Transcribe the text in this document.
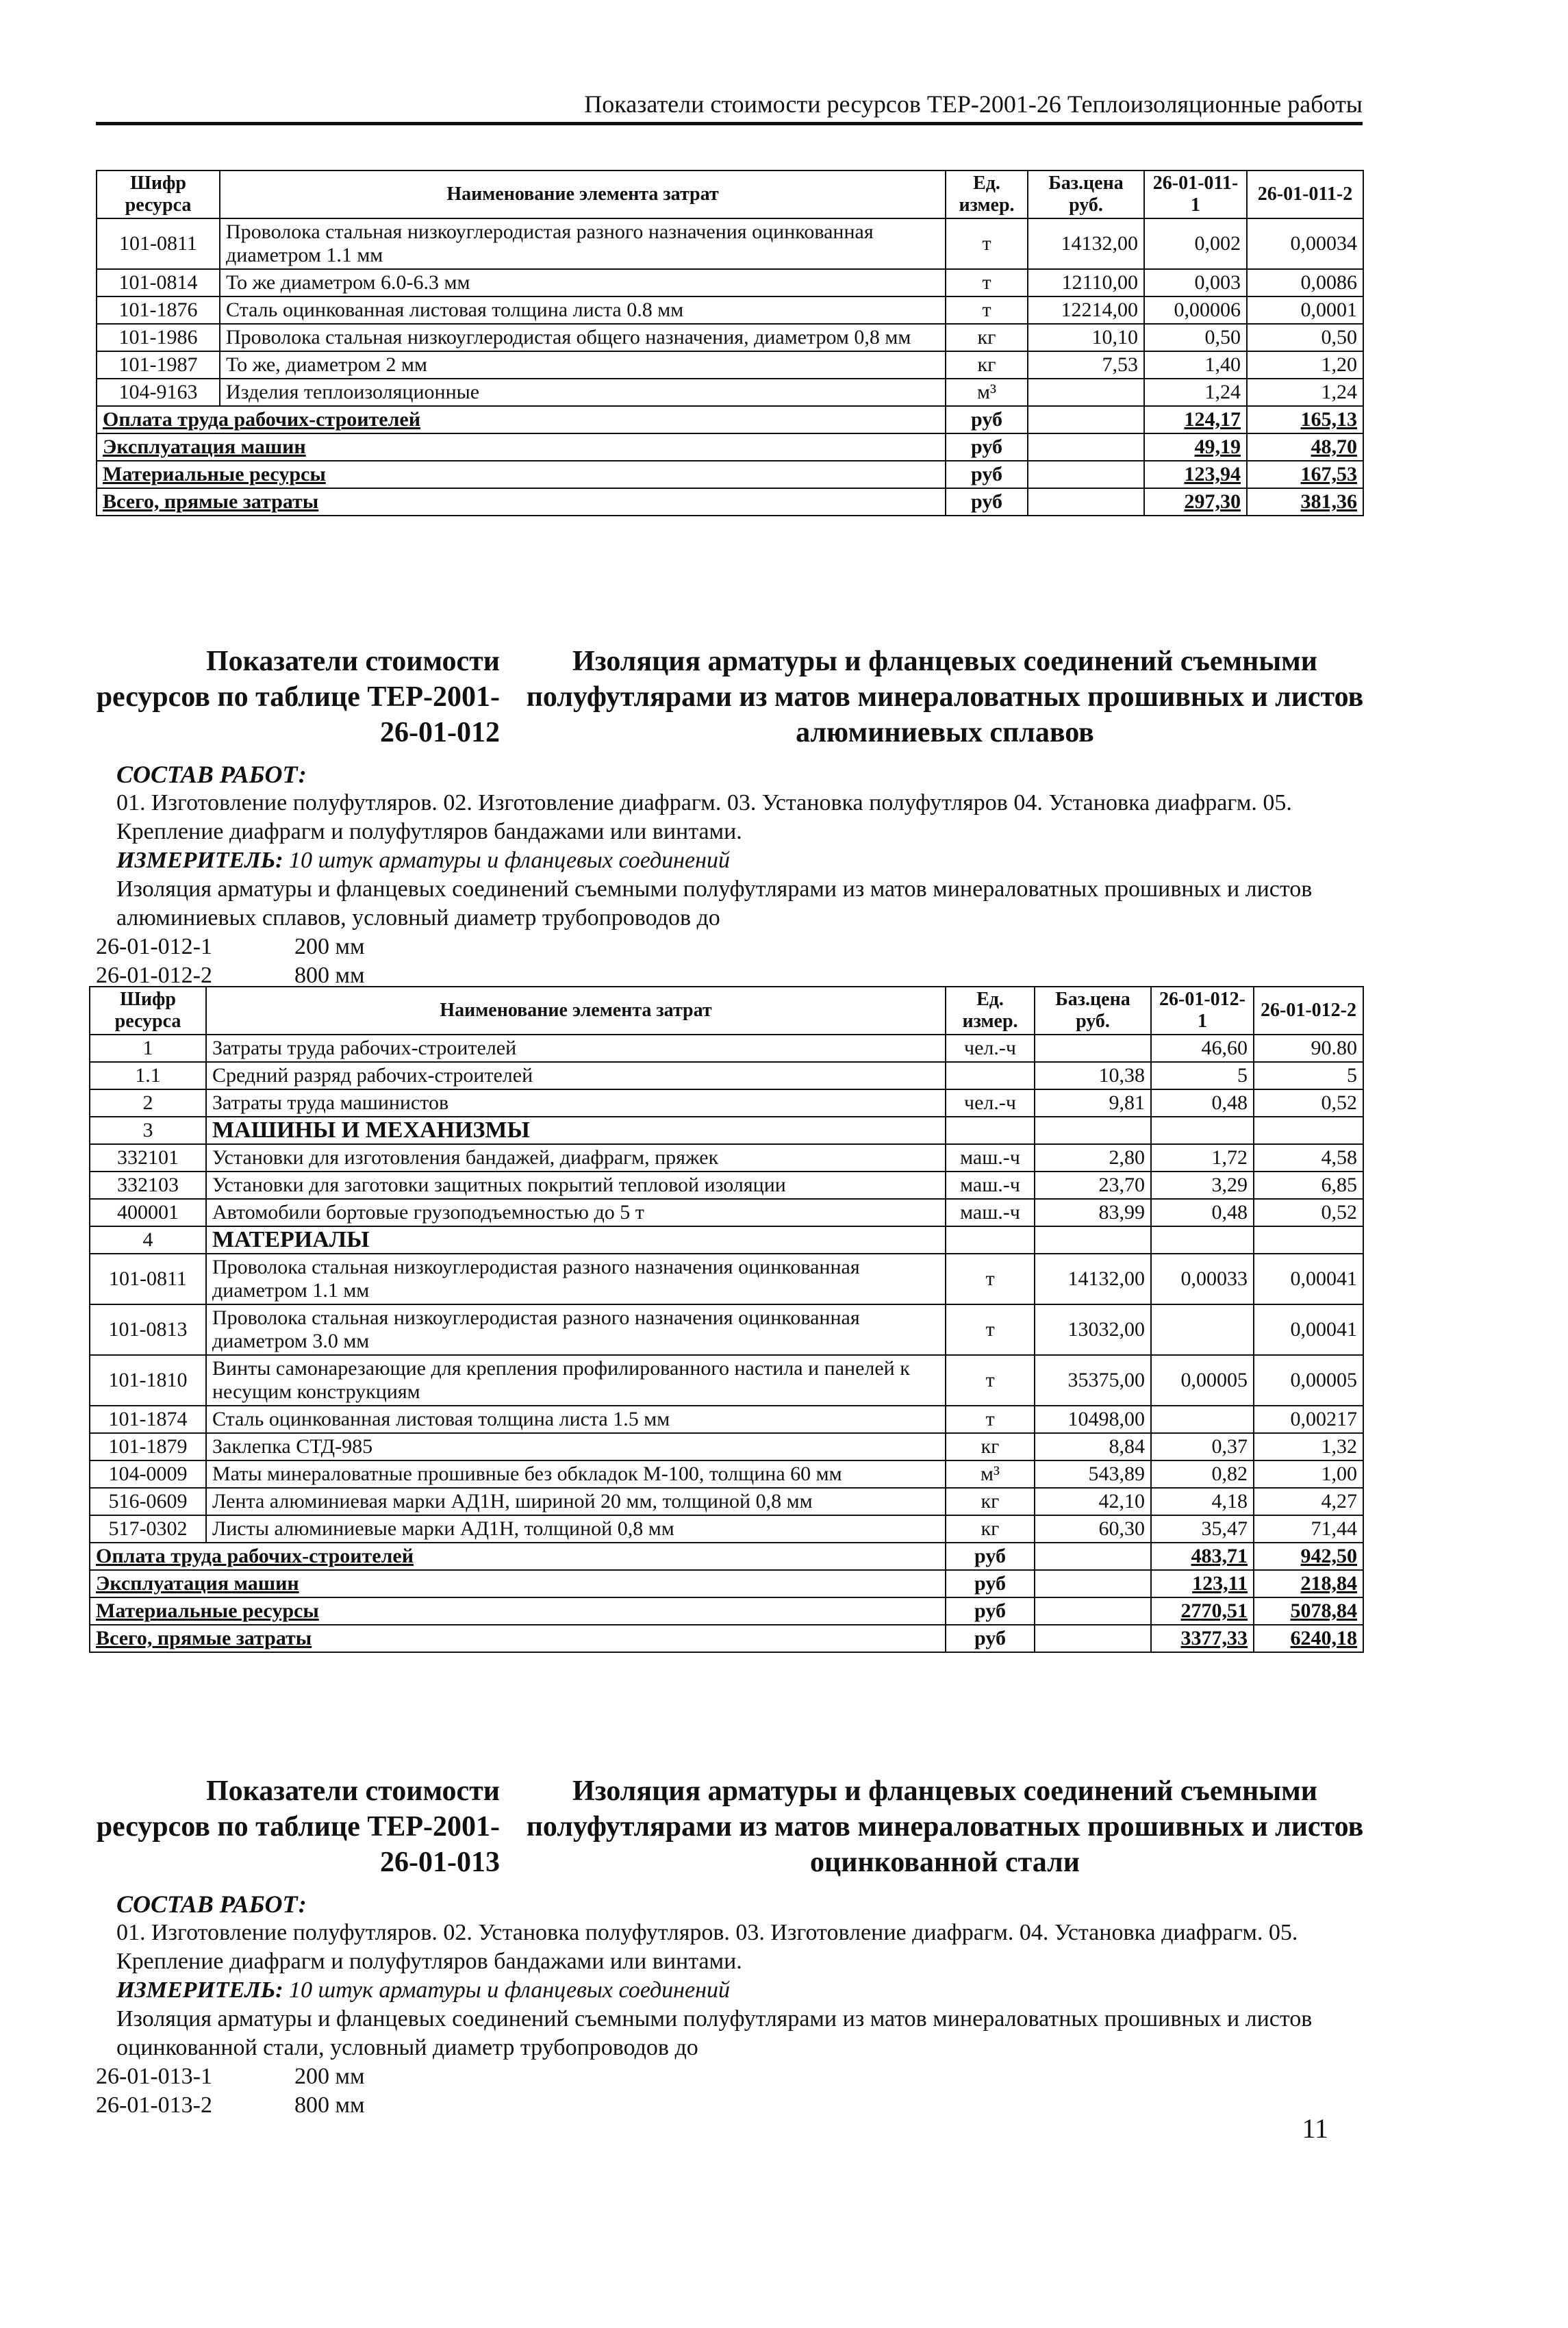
Показатели стоимости ресурсов ТЕР-2001-26 Теплоизоляционные работы
Шифр ресурса	Наименование элемента затрат	Ед. измер.	Баз.цена руб.	26-01-011-1	26-01-011-2
101-0811	Проволока стальная низкоуглеродистая разного назначения оцинкованная диаметром 1.1 мм	т	14132,00	0,002	0,00034
101-0814	То же диаметром 6.0-6.3 мм	т	12110,00	0,003	0,0086
101-1876	Сталь оцинкованная листовая толщина листа 0.8 мм	т	12214,00	0,00006	0,0001
101-1986	Проволока стальная низкоуглеродистая общего назначения, диаметром 0,8 мм	кг	10,10	0,50	0,50
101-1987	То же, диаметром 2 мм	кг	7,53	1,40	1,20
104-9163	Изделия теплоизоляционные	м³		1,24	1,24
Оплата труда рабочих-строителей		руб		124,17	165,13
Эксплуатация машин		руб		49,19	48,70
Материальные ресурсы		руб		123,94	167,53
Всего, прямые затраты		руб		297,30	381,36
Показатели стоимости ресурсов по таблице ТЕР-2001-26-01-012
Изоляция арматуры и фланцевых соединений съемными полуфутлярами из матов минераловатных прошивных и листов алюминиевых сплавов
СОСТАВ РАБОТ:
01. Изготовление полуфутляров. 02. Изготовление диафрагм. 03. Установка полуфутляров 04. Установка диафрагм. 05. Крепление диафрагм и полуфутляров бандажами или винтами.
ИЗМЕРИТЕЛЬ: 10 штук арматуры и фланцевых соединений
Изоляция арматуры и фланцевых соединений съемными полуфутлярами из матов минераловатных прошивных и листов алюминиевых сплавов, условный диаметр трубопроводов до
26-01-012-1	200 мм
26-01-012-2	800 мм
Шифр ресурса	Наименование элемента затрат	Ед. измер.	Баз.цена руб.	26-01-012-1	26-01-012-2
1	Затраты труда рабочих-строителей	чел.-ч		46,60	90.80
1.1	Средний разряд рабочих-строителей		10,38	5	5
2	Затраты труда машинистов	чел.-ч	9,81	0,48	0,52
3	МАШИНЫ И МЕХАНИЗМЫ				
332101	Установки для изготовления бандажей, диафрагм, пряжек	маш.-ч	2,80	1,72	4,58
332103	Установки для заготовки защитных покрытий тепловой изоляции	маш.-ч	23,70	3,29	6,85
400001	Автомобили бортовые грузоподъемностью до 5 т	маш.-ч	83,99	0,48	0,52
4	МАТЕРИАЛЫ				
101-0811	Проволока стальная низкоуглеродистая разного назначения оцинкованная диаметром 1.1 мм	т	14132,00	0,00033	0,00041
101-0813	Проволока стальная низкоуглеродистая разного назначения оцинкованная диаметром 3.0 мм	т	13032,00		0,00041
101-1810	Винты самонарезающие для крепления профилированного настила и панелей к несущим конструкциям	т	35375,00	0,00005	0,00005
101-1874	Сталь оцинкованная листовая толщина листа 1.5 мм	т	10498,00		0,00217
101-1879	Заклепка СТД-985	кг	8,84	0,37	1,32
104-0009	Маты минераловатные прошивные без обкладок М-100, толщина 60 мм	м³	543,89	0,82	1,00
516-0609	Лента алюминиевая марки АД1Н, шириной 20 мм, толщиной 0,8 мм	кг	42,10	4,18	4,27
517-0302	Листы алюминиевые марки АД1Н, толщиной 0,8 мм	кг	60,30	35,47	71,44
Оплата труда рабочих-строителей		руб		483,71	942,50
Эксплуатация машин		руб		123,11	218,84
Материальные ресурсы		руб		2770,51	5078,84
Всего, прямые затраты		руб		3377,33	6240,18
Показатели стоимости ресурсов по таблице ТЕР-2001-26-01-013
Изоляция арматуры и фланцевых соединений съемными полуфутлярами из матов минераловатных прошивных и листов оцинкованной стали
СОСТАВ РАБОТ:
01. Изготовление полуфутляров. 02. Установка полуфутляров. 03. Изготовление диафрагм. 04. Установка диафрагм. 05. Крепление диафрагм и полуфутляров бандажами или винтами.
ИЗМЕРИТЕЛЬ: 10 штук арматуры и фланцевых соединений
Изоляция арматуры и фланцевых соединений съемными полуфутлярами из матов минераловатных прошивных и листов оцинкованной стали, условный диаметр трубопроводов до
26-01-013-1	200 мм
26-01-013-2	800 мм
11
